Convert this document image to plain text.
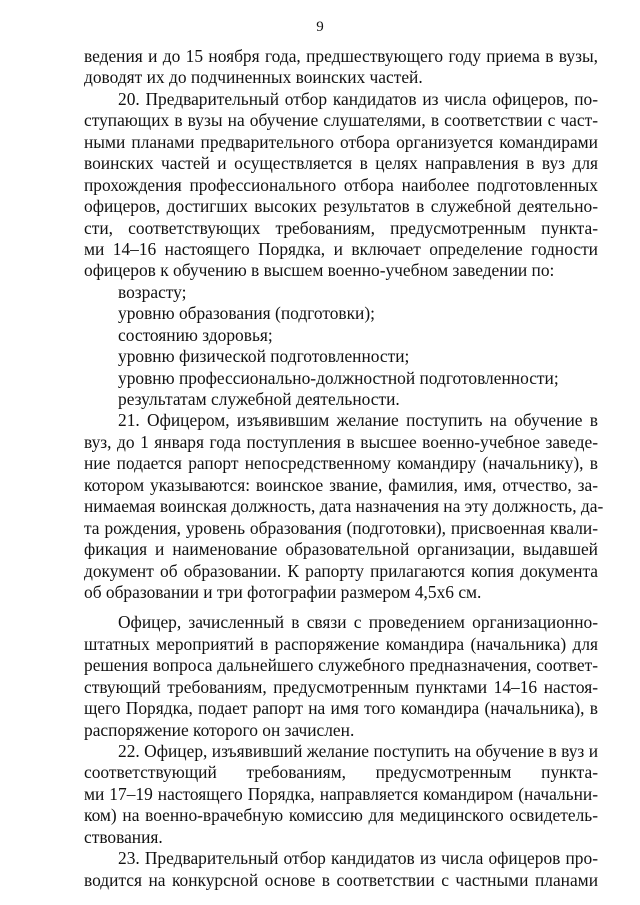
9
ведения и до 15 ноября года, предшествующего году приема в вузы,
доводят их до подчиненных воинских частей.
20. Предварительный отбор кандидатов из числа офицеров, по-
ступающих в вузы на обучение слушателями, в соответствии с част-
ными планами предварительного отбора организуется командирами
воинских частей и осуществляется в целях направления в вуз для
прохождения профессионального отбора наиболее подготовленных
офицеров, достигших высоких результатов в служебной деятельно-
сти, соответствующих требованиям, предусмотренным пункта-
ми 14–16 настоящего Порядка, и включает определение годности
офицеров к обучению в высшем военно-учебном заведении по:
возрасту;
уровню образования (подготовки);
состоянию здоровья;
уровню физической подготовленности;
уровню профессионально-должностной подготовленности;
результатам служебной деятельности.
21. Офицером, изъявившим желание поступить на обучение в
вуз, до 1 января года поступления в высшее военно-учебное заведе-
ние подается рапорт непосредственному командиру (начальнику), в
котором указываются: воинское звание, фамилия, имя, отчество, за-
нимаемая воинская должность, дата назначения на эту должность, да-
та рождения, уровень образования (подготовки), присвоенная квали-
фикация и наименование образовательной организации, выдавшей
документ об образовании. К рапорту прилагаются копия документа
об образовании и три фотографии размером 4,5x6 см.
Офицер, зачисленный в связи с проведением организационно-
штатных мероприятий в распоряжение командира (начальника) для
решения вопроса дальнейшего служебного предназначения, соответ-
ствующий требованиям, предусмотренным пунктами 14–16 настоя-
щего Порядка, подает рапорт на имя того командира (начальника), в
распоряжение которого он зачислен.
22. Офицер, изъявивший желание поступить на обучение в вуз и
соответствующий требованиям, предусмотренным пункта-
ми 17–19 настоящего Порядка, направляется командиром (начальни-
ком) на военно-врачебную комиссию для медицинского освидетель-
ствования.
23. Предварительный отбор кандидатов из числа офицеров про-
водится на конкурсной основе в соответствии с частными планами
